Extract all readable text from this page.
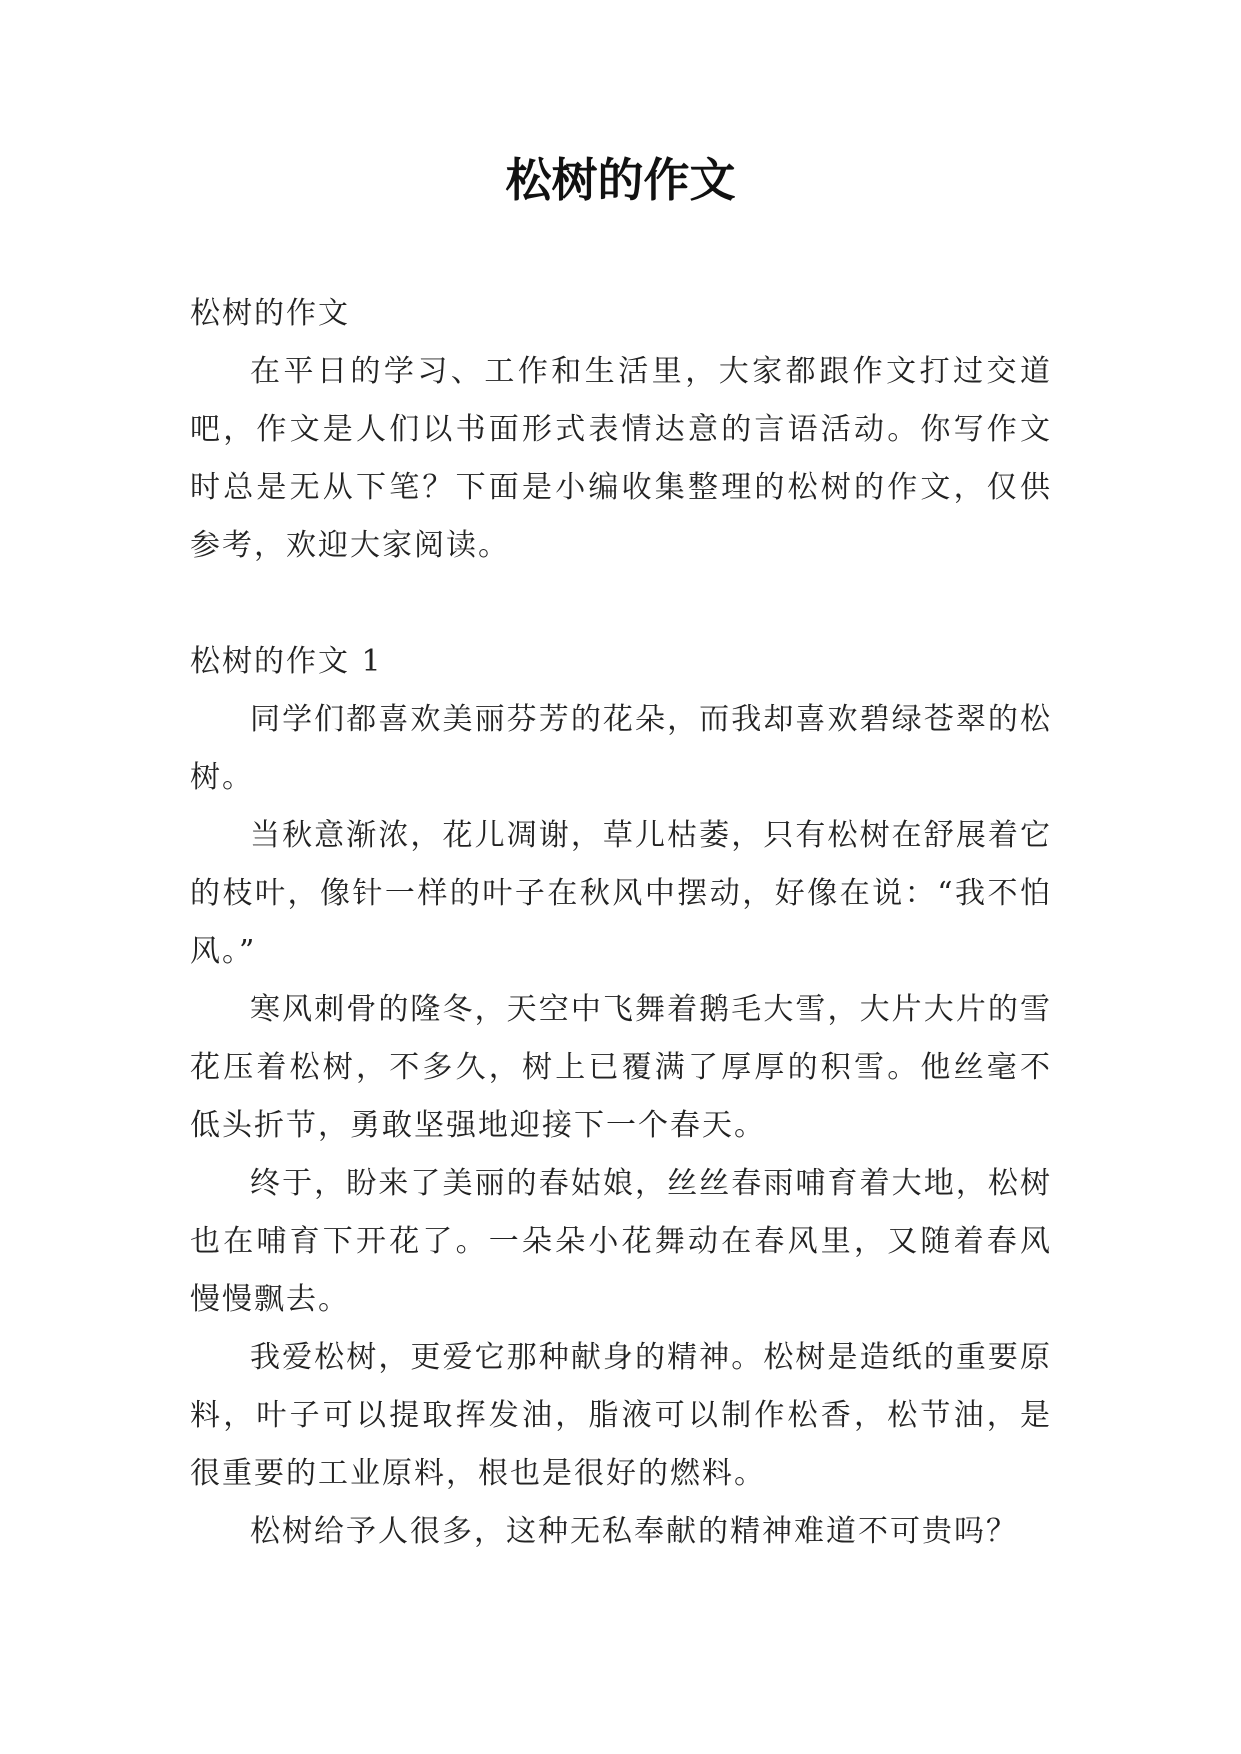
松树的作文

松树的作文

在平日的学习、工作和生活里，大家都跟作文打过交道吧，作文是人们以书面形式表情达意的言语活动。你写作文时总是无从下笔？下面是小编收集整理的松树的作文，仅供参考，欢迎大家阅读。

松树的作文 1

同学们都喜欢美丽芬芳的花朵，而我却喜欢碧绿苍翠的松树。

当秋意渐浓，花儿凋谢，草儿枯萎，只有松树在舒展着它的枝叶，像针一样的叶子在秋风中摆动，好像在说：“我不怕风。”

寒风刺骨的隆冬，天空中飞舞着鹅毛大雪，大片大片的雪花压着松树，不多久，树上已覆满了厚厚的积雪。他丝毫不低头折节，勇敢坚强地迎接下一个春天。

终于，盼来了美丽的春姑娘，丝丝春雨哺育着大地，松树也在哺育下开花了。一朵朵小花舞动在春风里，又随着春风慢慢飘去。

我爱松树，更爱它那种献身的精神。松树是造纸的重要原料，叶子可以提取挥发油，脂液可以制作松香，松节油，是很重要的工业原料，根也是很好的燃料。

松树给予人很多，这种无私奉献的精神难道不可贵吗？
